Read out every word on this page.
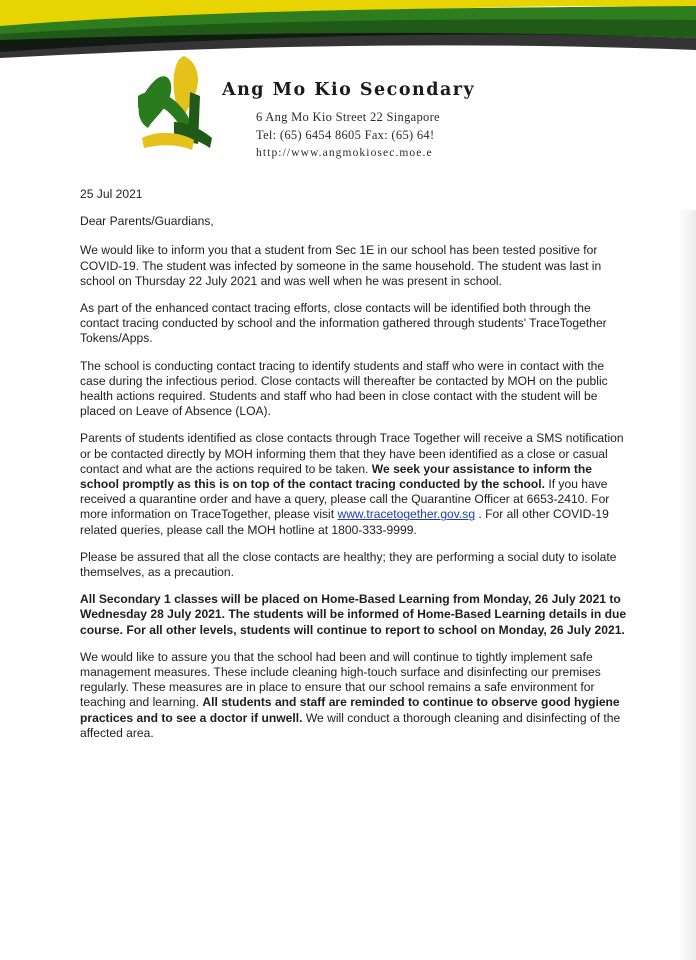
Ang Mo Kio Secondary
6 Ang Mo Kio Street 22 Singapore
Tel: (65) 6454 8605 Fax: (65) 64!
http://www.angmokiosec.moe.e

25 Jul 2021

Dear Parents/Guardians,

We would like to inform you that a student from Sec 1E in our school has been tested positive for COVID-19. The student was infected by someone in the same household. The student was last in school on Thursday 22 July 2021 and was well when he was present in school.

As part of the enhanced contact tracing efforts, close contacts will be identified both through the contact tracing conducted by school and the information gathered through students' TraceTogether Tokens/Apps.

The school is conducting contact tracing to identify students and staff who were in contact with the case during the infectious period. Close contacts will thereafter be contacted by MOH on the public health actions required. Students and staff who had been in close contact with the student will be placed on Leave of Absence (LOA).

Parents of students identified as close contacts through Trace Together will receive a SMS notification or be contacted directly by MOH informing them that they have been identified as a close or casual contact and what are the actions required to be taken. We seek your assistance to inform the school promptly as this is on top of the contact tracing conducted by the school. If you have received a quarantine order and have a query, please call the Quarantine Officer at 6653-2410. For more information on TraceTogether, please visit www.tracetogether.gov.sg . For all other COVID-19 related queries, please call the MOH hotline at 1800-333-9999.

Please be assured that all the close contacts are healthy; they are performing a social duty to isolate themselves, as a precaution.

All Secondary 1 classes will be placed on Home-Based Learning from Monday, 26 July 2021 to Wednesday 28 July 2021. The students will be informed of Home-Based Learning details in due course. For all other levels, students will continue to report to school on Monday, 26 July 2021.

We would like to assure you that the school had been and will continue to tightly implement safe management measures. These include cleaning high-touch surface and disinfecting our premises regularly. These measures are in place to ensure that our school remains a safe environment for teaching and learning. All students and staff are reminded to continue to observe good hygiene practices and to see a doctor if unwell. We will conduct a thorough cleaning and disinfecting of the affected area.
